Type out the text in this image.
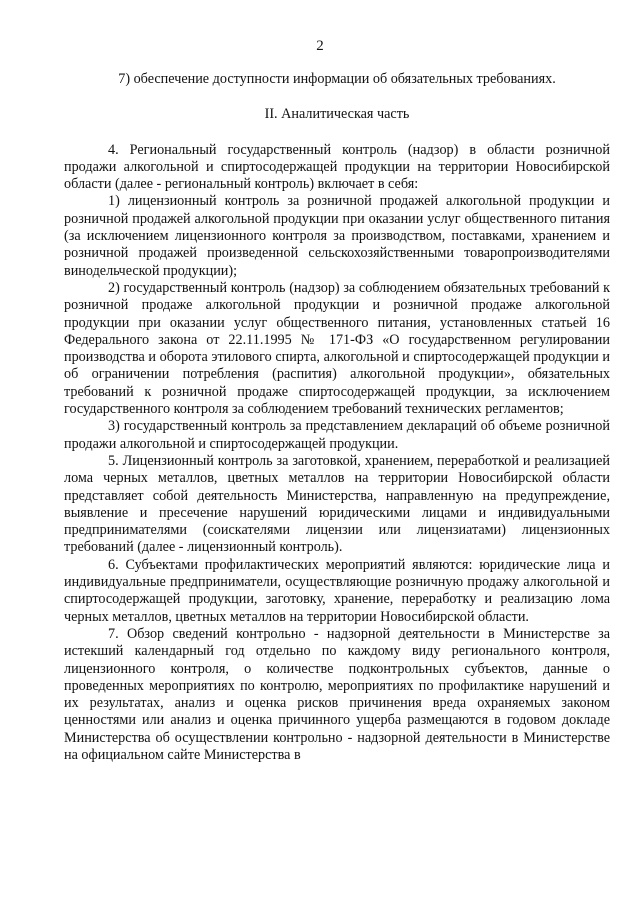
2

7) обеспечение доступности информации об обязательных требованиях.

II. Аналитическая часть

4. Региональный государственный контроль (надзор) в области розничной продажи алкогольной и спиртосодержащей продукции на территории Новосибирской области (далее - региональный контроль) включает в себя:

1) лицензионный контроль за розничной продажей алкогольной продукции и розничной продажей алкогольной продукции при оказании услуг общественного питания (за исключением лицензионного контроля за производством, поставками, хранением и розничной продажей произведенной сельскохозяйственными товаропроизводителями винодельческой продукции);

2) государственный контроль (надзор) за соблюдением обязательных требований к розничной продаже алкогольной продукции и розничной продаже алкогольной продукции при оказании услуг общественного питания, установленных статьей 16 Федерального закона от 22.11.1995 № 171-ФЗ «О государственном регулировании производства и оборота этилового спирта, алкогольной и спиртосодержащей продукции и об ограничении потребления (распития) алкогольной продукции», обязательных требований к розничной продаже спиртосодержащей продукции, за исключением государственного контроля за соблюдением требований технических регламентов;

3) государственный контроль за представлением деклараций об объеме розничной продажи алкогольной и спиртосодержащей продукции.

5. Лицензионный контроль за заготовкой, хранением, переработкой и реализацией лома черных металлов, цветных металлов на территории Новосибирской области представляет собой деятельность Министерства, направленную на предупреждение, выявление и пресечение нарушений юридическими лицами и индивидуальными предпринимателями (соискателями лицензии или лицензиатами) лицензионных требований (далее - лицензионный контроль).

6. Субъектами профилактических мероприятий являются: юридические лица и индивидуальные предприниматели, осуществляющие розничную продажу алкогольной и спиртосодержащей продукции, заготовку, хранение, переработку и реализацию лома черных металлов, цветных металлов на территории Новосибирской области.

7. Обзор сведений контрольно - надзорной деятельности в Министерстве за истекший календарный год отдельно по каждому виду регионального контроля, лицензионного контроля, о количестве подконтрольных субъектов, данные о проведенных мероприятиях по контролю, мероприятиях по профилактике нарушений и их результатах, анализ и оценка рисков причинения вреда охраняемых законом ценностями или анализ и оценка причинного ущерба размещаются в годовом докладе Министерства об осуществлении контрольно - надзорной деятельности в Министерстве на официальном сайте Министерства в
